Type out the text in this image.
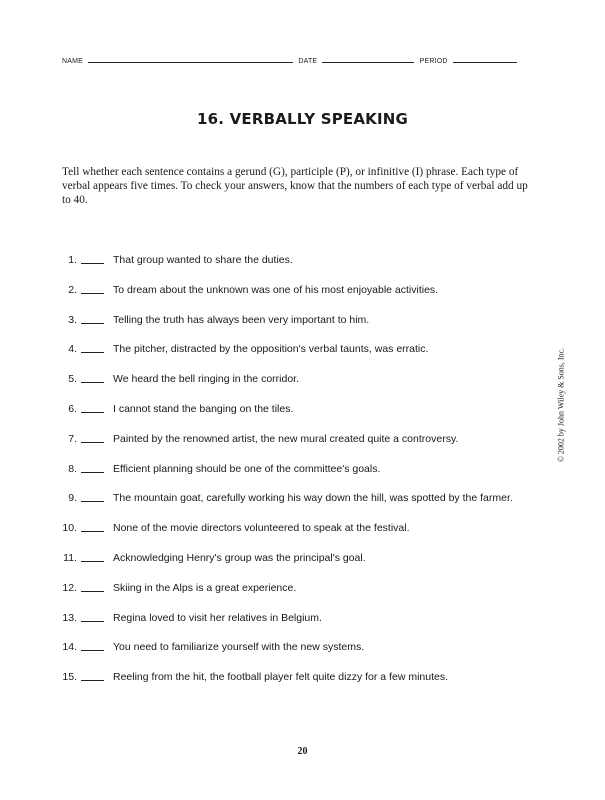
NAME	DATE	PERIOD
16. VERBALLY SPEAKING
Tell whether each sentence contains a gerund (G), participle (P), or infinitive (I) phrase. Each type of verbal appears five times. To check your answers, know that the numbers of each type of verbal add up to 40.
1.	That group wanted to share the duties.
2.	To dream about the unknown was one of his most enjoyable activities.
3.	Telling the truth has always been very important to him.
4.	The pitcher, distracted by the opposition's verbal taunts, was erratic.
5.	We heard the bell ringing in the corridor.
6.	I cannot stand the banging on the tiles.
7.	Painted by the renowned artist, the new mural created quite a controversy.
8.	Efficient planning should be one of the committee's goals.
9.	The mountain goat, carefully working his way down the hill, was spotted by the farmer.
10.	None of the movie directors volunteered to speak at the festival.
11.	Acknowledging Henry's group was the principal's goal.
12.	Skiing in the Alps is a great experience.
13.	Regina loved to visit her relatives in Belgium.
14.	You need to familiarize yourself with the new systems.
15.	Reeling from the hit, the football player felt quite dizzy for a few minutes.
© 2002 by John Wiley & Sons, Inc.
20
